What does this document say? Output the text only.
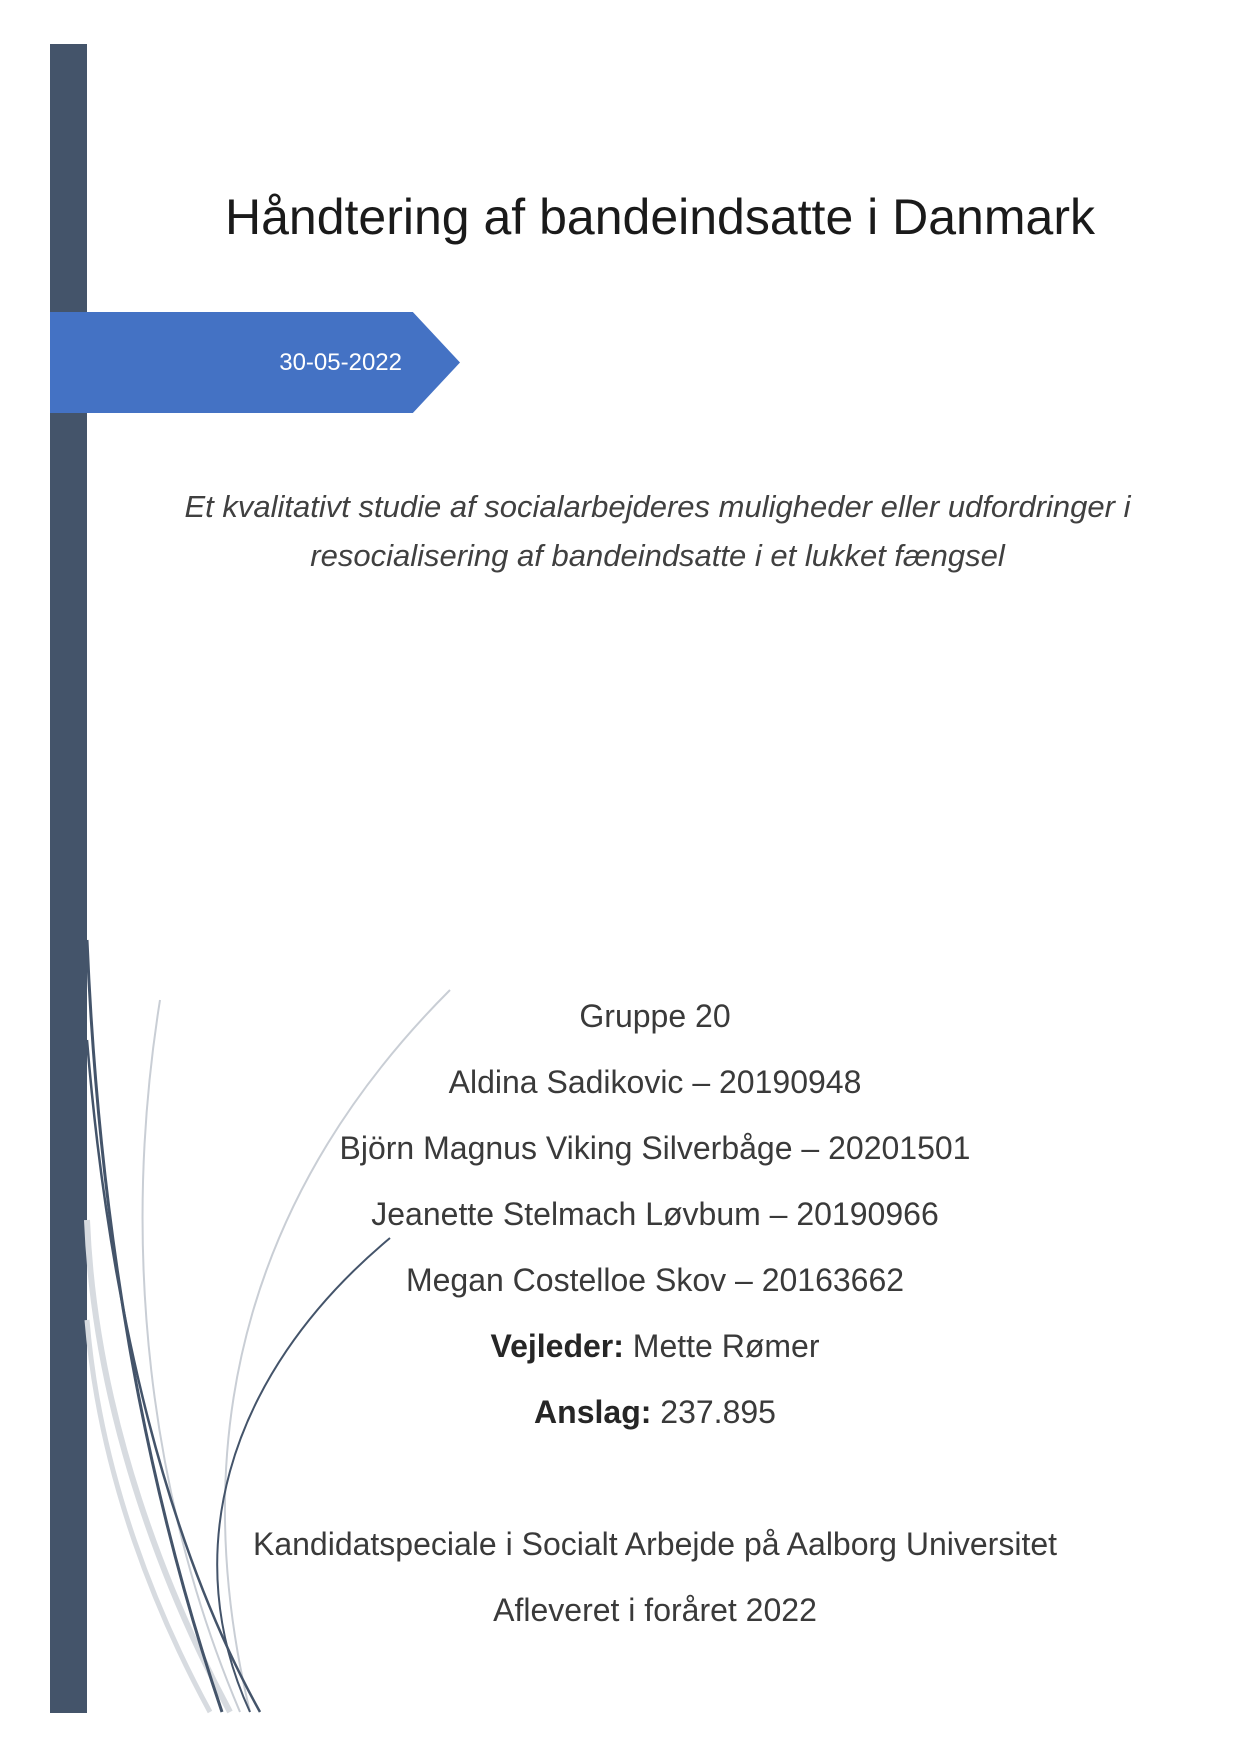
30-05-2022
Håndtering af bandeindsatte i Danmark
Et kvalitativt studie af socialarbejderes muligheder eller udfordringer i
resocialisering af bandeindsatte i et lukket fængsel
Gruppe 20
Aldina Sadikovic – 20190948
Björn Magnus Viking Silverbåge – 20201501
Jeanette Stelmach Løvbum – 20190966
Megan Costelloe Skov – 20163662
Vejleder: Mette Rømer
Anslag: 237.895
Kandidatspeciale i Socialt Arbejde på Aalborg Universitet
Afleveret i foråret 2022
